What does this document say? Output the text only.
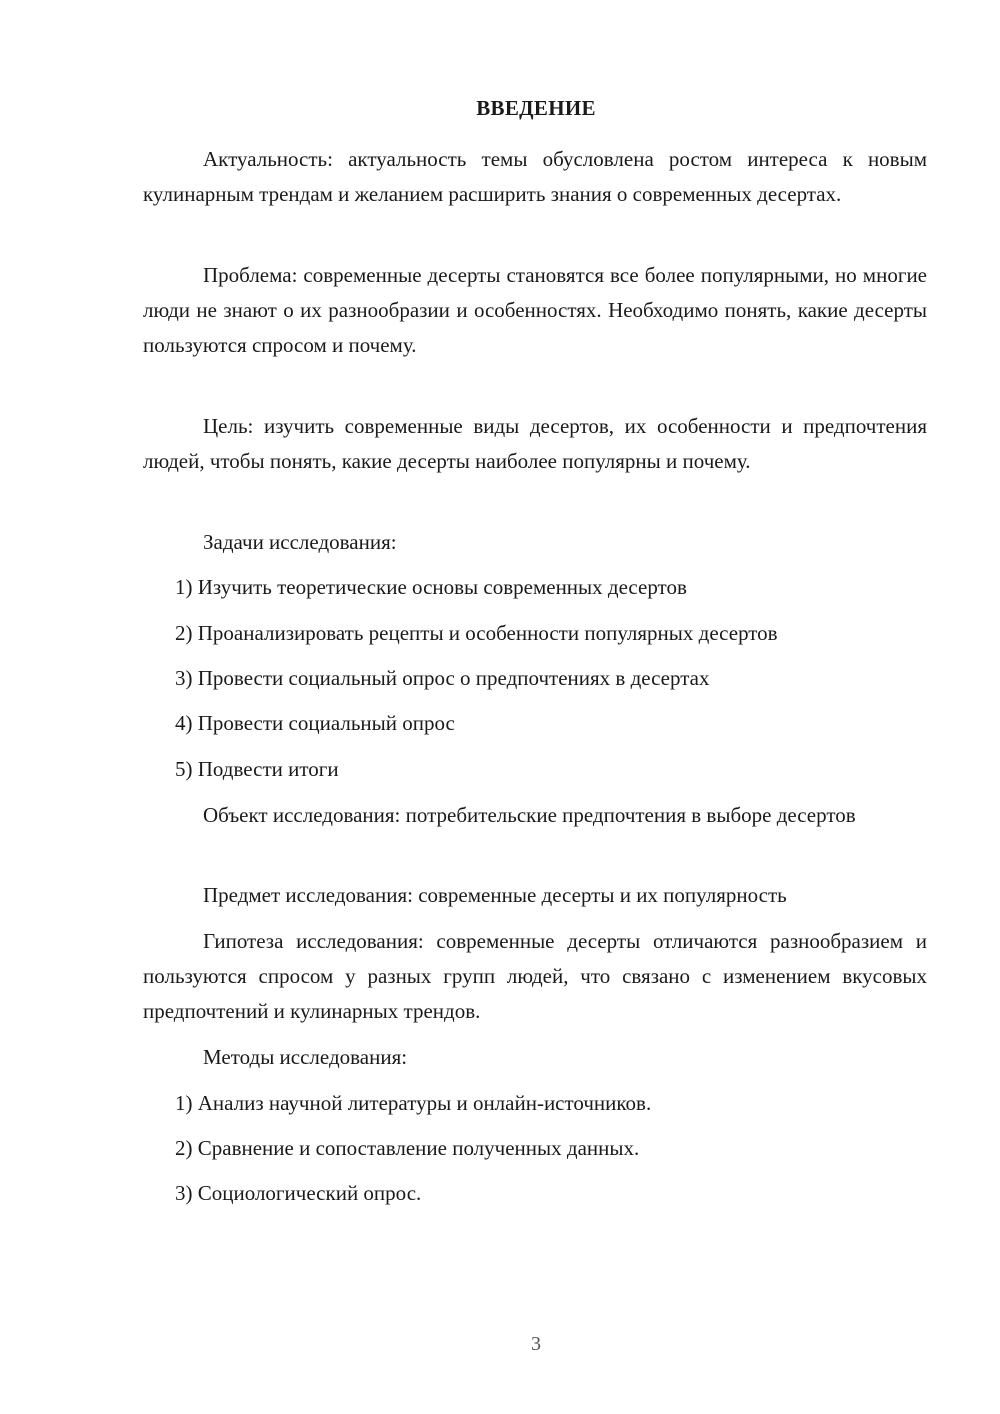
ВВЕДЕНИЕ

Актуальность: актуальность темы обусловлена ростом интереса к новым кулинарным трендам и желанием расширить знания о современных десертах.

Проблема: современные десерты становятся все более популярными, но многие люди не знают о их разнообразии и особенностях. Необходимо понять, какие десерты пользуются спросом и почему.

Цель: изучить современные виды десертов, их особенности и предпочтения людей, чтобы понять, какие десерты наиболее популярны и почему.

Задачи исследования:
1) Изучить теоретические основы современных десертов
2) Проанализировать рецепты и особенности популярных десертов
3) Провести социальный опрос о предпочтениях в десертах
4) Провести социальный опрос
5) Подвести итоги

Объект исследования: потребительские предпочтения в выборе десертов

Предмет исследования: современные десерты и их популярность

Гипотеза исследования: современные десерты отличаются разнообразием и пользуются спросом у разных групп людей, что связано с изменением вкусовых предпочтений и кулинарных трендов.

Методы исследования:
1) Анализ научной литературы и онлайн-источников.
2) Сравнение и сопоставление полученных данных.
3) Социологический опрос.
3
